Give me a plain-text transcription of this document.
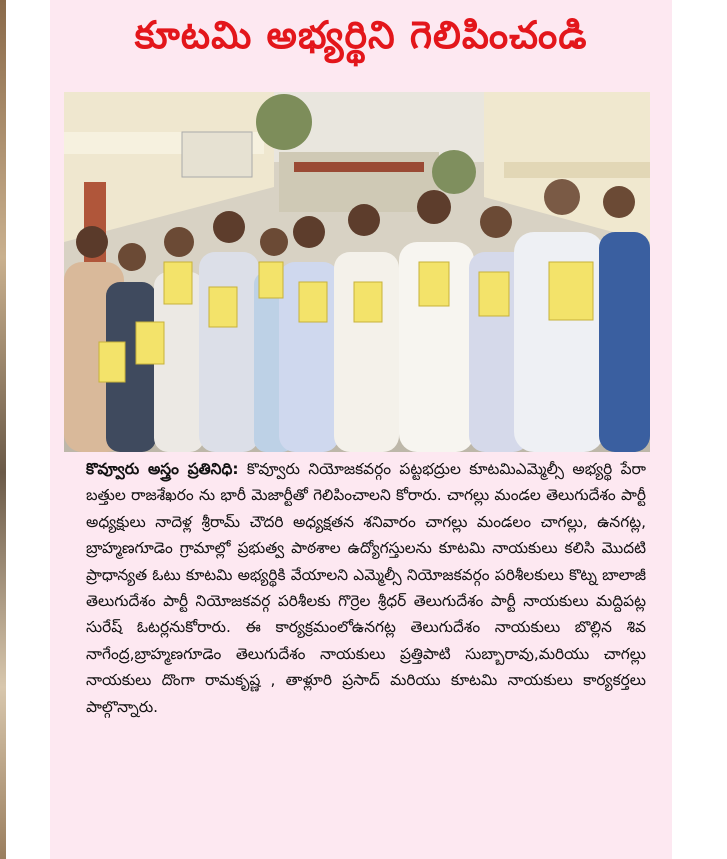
కూటమి అభ్యర్థిని గెలిపించండి
కొవ్వూరు అస్త్రం ప్రతినిధి: కొవ్వూరు నియోజకవర్గం పట్టభద్రుల కూటమిఎమ్మెల్సీ అభ్యర్థి పేరా బత్తుల రాజశేఖరం ను భారీ మెజార్టీతో గెలిపించాలని కోరారు. చాగల్లు మండల తెలుగుదేశం పార్టీ అధ్యక్షులు నాదెళ్ల శ్రీరామ్ చౌదరి అధ్యక్షతన శనివారం చాగల్లు మండలం చాగల్లు, ఉనగట్ల, బ్రాహ్మణగూడెం గ్రామాల్లో ప్రభుత్వ పాఠశాల ఉద్యోగస్తులను కూటమి నాయకులు కలిసి మొదటి ప్రాధాన్యత ఓటు కూటమి అభ్యర్థికి వేయాలని ఎమ్మెల్సీ నియోజకవర్గం పరిశీలకులు కొట్న బాలాజీ తెలుగుదేశం పార్టీ నియోజకవర్గ పరిశీలకు గొర్రెల శ్రీధర్ తెలుగుదేశం పార్టీ నాయకులు మద్దిపట్ల సురేష్ ఓటర్లనుకోరారు. ఈ కార్యక్రమంలోఉనగట్ల తెలుగుదేశం నాయకులు బొల్లిన శివ నాగేంద్ర,బ్రాహ్మణగూడెం తెలుగుదేశం నాయకులు ప్రత్తిపాటి సుబ్బారావు,మరియు చాగల్లు నాయకులు దొంగా రామకృష్ణ , తాళ్లూరి ప్రసాద్ మరియు కూటమి నాయకులు కార్యకర్తలు పాల్గొన్నారు.
